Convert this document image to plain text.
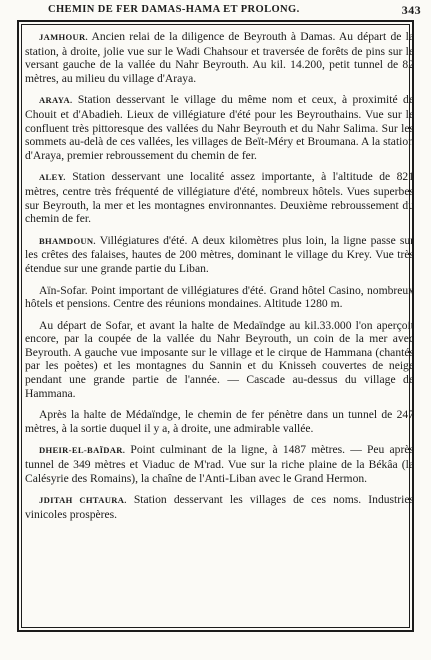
CHEMIN DE FER DAMAS-HAMA ET PROLONG.	343

JAMHOUR. Ancien relai de la diligence de Beyrouth à Damas. Au départ de la station, à droite, jolie vue sur le Wadi Chahsour et traversée de forêts de pins sur le versant gauche de la vallée du Nahr Beyrouth. Au kil. 14.200, petit tunnel de 82 mètres, au milieu du village d'Araya.

ARAYA. Station desservant le village du même nom et ceux, à proximité de Chouit et d'Abadieh. Lieux de villégiature d'été pour les Beyrouthains. Vue sur le confluent très pittoresque des vallées du Nahr Beyrouth et du Nahr Salima. Sur les sommets au-delà de ces vallées, les villages de Beït-Méry et Broumana. A la station d'Araya, premier rebroussement du chemin de fer.

ALEY. Station desservant une localité assez importante, à l'altitude de 821 mètres, centre très fréquenté de villégiature d'été, nombreux hôtels. Vues superbes sur Beyrouth, la mer et les montagnes environnantes. Deuxième rebroussement du chemin de fer.

BHAMDOUN. Villégiatures d'été. A deux kilomètres plus loin, la ligne passe sur les crêtes des falaises, hautes de 200 mètres, dominant le village du Krey. Vue très étendue sur une grande partie du Liban.

Aïn-Sofar. Point important de villégiatures d'été. Grand hôtel Casino, nombreux hôtels et pensions. Centre des réunions mondaines. Altitude 1280 m.

Au départ de Sofar, et avant la halte de Medaïndge au kil.33.000 l'on aperçoit encore, par la coupée de la vallée du Nahr Beyrouth, un coin de la mer avec Beyrouth. A gauche vue imposante sur le village et le cirque de Hammana (chantés par les poètes) et les montagnes du Sannin et du Knisseh couvertes de neige pendant une grande partie de l'année. — Cascade au-dessus du village de Hammana.

Après la halte de Médaïndge, le chemin de fer pénètre dans un tunnel de 247 mètres, à la sortie duquel il y a, à droite, une admirable vallée.

DHEIR-EL-BAÏDAR. Point culminant de la ligne, à 1487 mètres. — Peu après tunnel de 349 mètres et Viaduc de M'rad. Vue sur la riche plaine de la Békâa (la Calésyrie des Romains), la chaîne de l'Anti-Liban avec le Grand Hermon.

JDITAH CHTAURA. Station desservant les villages de ces noms. Industries vinicoles prospères.
